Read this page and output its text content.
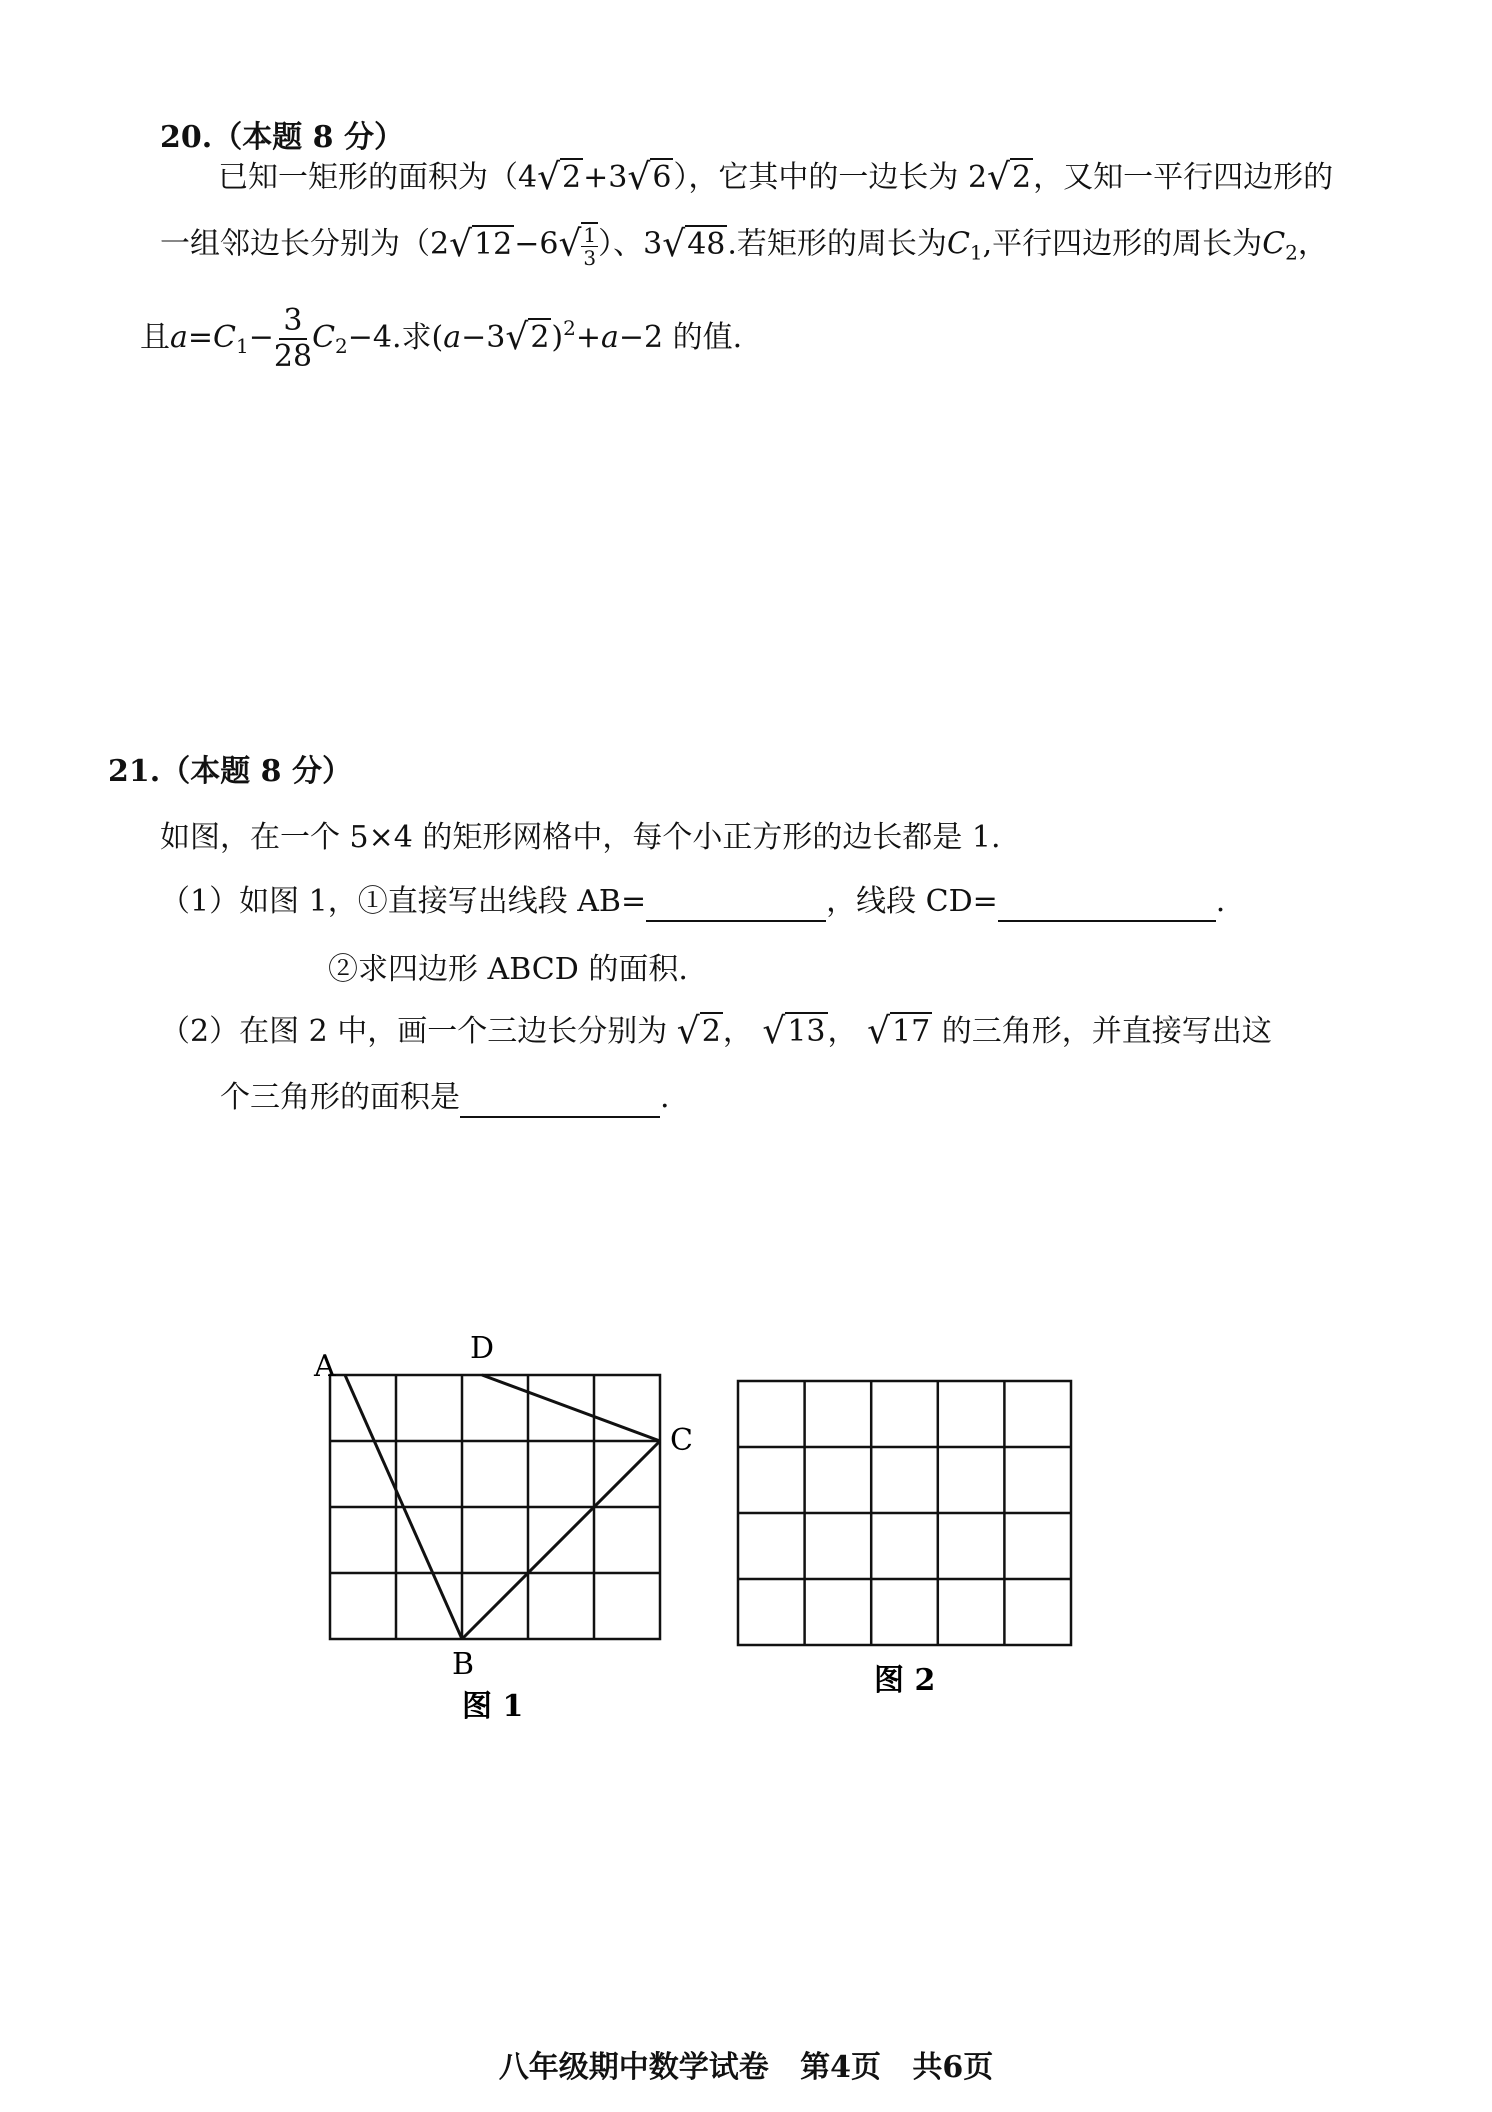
20.（本题 8 分）
已知一矩形的面积为（4√2+3√6），它其中的一边长为 2√2，又知一平行四边形的
一组邻边长分别为（$2√12-6√ \frac{1}{3}$ ）、3√48.若矩形的周长为$C_1$,平行四边形的周长为$C_2$，
且$a=C_1- \frac{3}{28} C_2-4$.求$(a-3√2)^2+a-2$ 的值.
21.（本题 8 分）
如图，在一个 5×4 的矩形网格中，每个小正方形的边长都是 1.
（1）如图 1，①直接写出线段 AB=	，线段 CD=	.
②求四边形 ABCD 的面积.
（2）在图 2 中，画一个三边长分别为 √2， √13， √17 的三角形，并直接写出这
个三角形的面积是	.
A
D
C
B
图 1
图 2
八年级期中数学试卷   第4页   共6页
